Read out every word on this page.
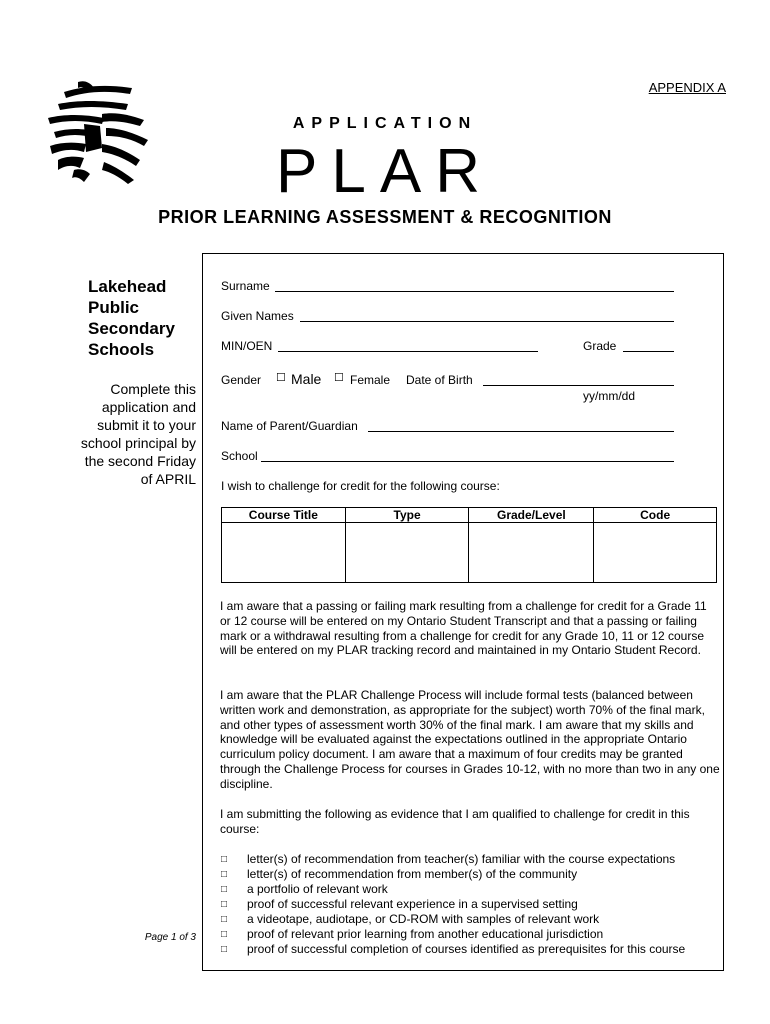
APPENDIX A
APPLICATION
PLAR
PRIOR LEARNING ASSESSMENT & RECOGNITION
Lakehead
Public
Secondary
Schools
Complete this
application and
submit it to your
school principal by
the second Friday
of APRIL
Page 1 of 3
Surname
Given Names
MIN/OEN	Grade
Gender ☐ Male ☐ Female Date of Birth
yy/mm/dd
Name of Parent/Guardian
School
I wish to challenge for credit for the following course:
Course Title	Type	Grade/Level	Code

I am aware that a passing or failing mark resulting from a challenge for credit for a Grade 11 or 12 course will be entered on my Ontario Student Transcript and that a passing or failing mark or a withdrawal resulting from a challenge for credit for any Grade 10, 11 or 12 course will be entered on my PLAR tracking record and maintained in my Ontario Student Record.
I am aware that the PLAR Challenge Process will include formal tests (balanced between written work and demonstration, as appropriate for the subject) worth 70% of the final mark, and other types of assessment worth 30% of the final mark. I am aware that my skills and knowledge will be evaluated against the expectations outlined in the appropriate Ontario curriculum policy document. I am aware that a maximum of four credits may be granted through the Challenge Process for courses in Grades 10-12, with no more than two in any one discipline.
I am submitting the following as evidence that I am qualified to challenge for credit in this course:
□	letter(s) of recommendation from teacher(s) familiar with the course expectations
□	letter(s) of recommendation from member(s) of the community
□	a portfolio of relevant work
□	proof of successful relevant experience in a supervised setting
□	a videotape, audiotape, or CD-ROM with samples of relevant work
□	proof of relevant prior learning from another educational jurisdiction
□	proof of successful completion of courses identified as prerequisites for this course
